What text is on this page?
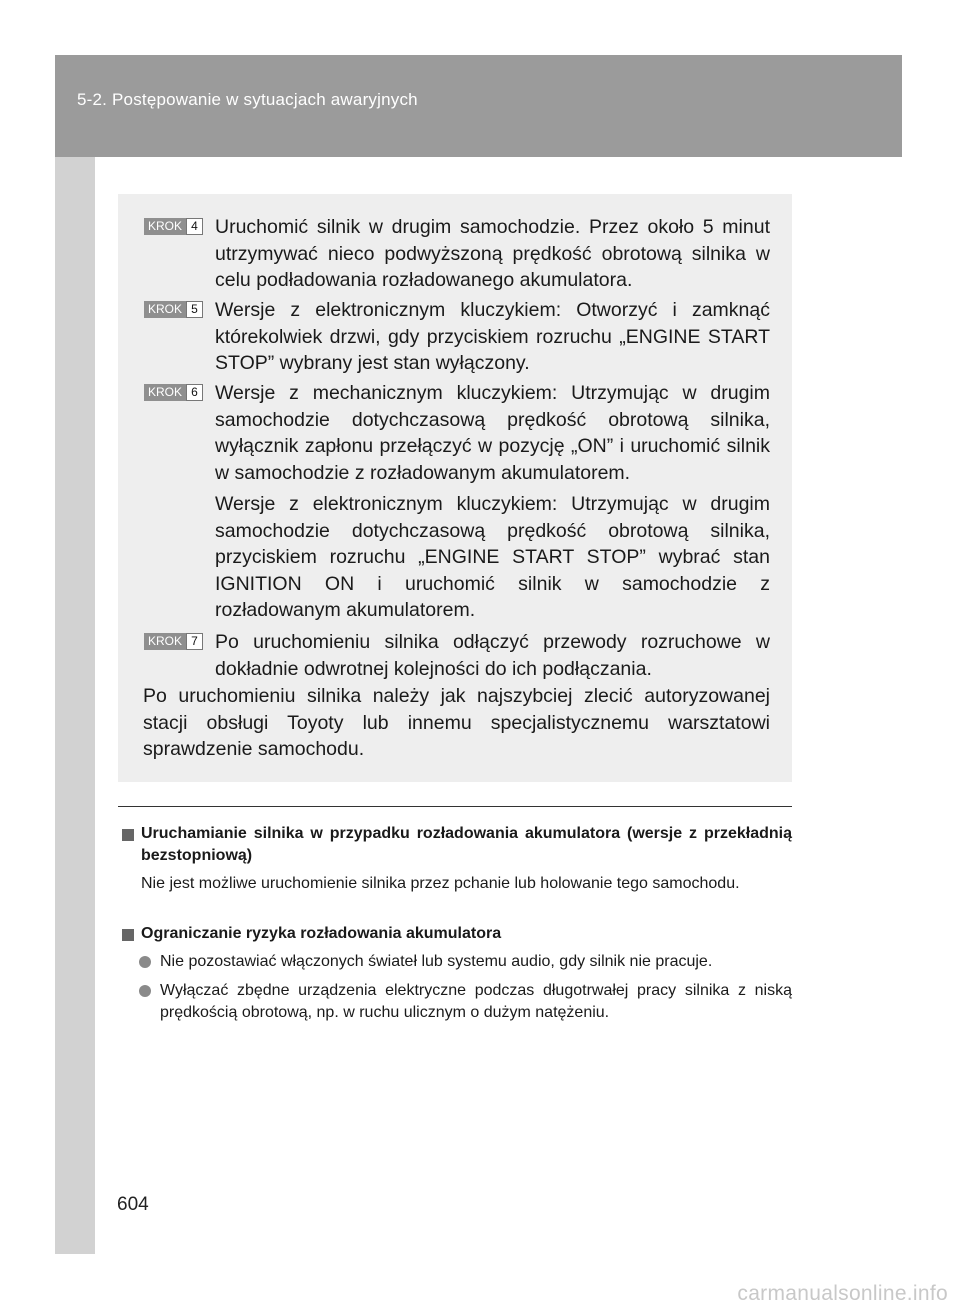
5-2. Postępowanie w sytuacjach awaryjnych
KROK 4 Uruchomić silnik w drugim samochodzie. Przez około 5 minut utrzymywać nieco podwyższoną prędkość obrotową silnika w celu podładowania rozładowanego akumulatora.

KROK 5 Wersje z elektronicznym kluczykiem: Otworzyć i zamknąć którekolwiek drzwi, gdy przyciskiem rozruchu „ENGINE START STOP” wybrany jest stan wyłączony.

KROK 6 Wersje z mechanicznym kluczykiem: Utrzymując w drugim samochodzie dotychczasową prędkość obrotową silnika, wyłącznik zapłonu przełączyć w pozycję „ON” i uruchomić silnik w samochodzie z rozładowanym akumulatorem.

Wersje z elektronicznym kluczykiem: Utrzymując w drugim samochodzie dotychczasową prędkość obrotową silnika, przyciskiem rozruchu „ENGINE START STOP” wybrać stan IGNITION ON i uruchomić silnik w samochodzie z rozładowanym akumulatorem.

KROK 7 Po uruchomieniu silnika odłączyć przewody rozruchowe w dokładnie odwrotnej kolejności do ich podłączania.

Po uruchomieniu silnika należy jak najszybciej zlecić autoryzowanej stacji obsługi Toyoty lub innemu specjalistycznemu warsztatowi sprawdzenie samochodu.
Uruchamianie silnika w przypadku rozładowania akumulatora (wersje z przekładnią bezstopniową)
Nie jest możliwe uruchomienie silnika przez pchanie lub holowanie tego samochodu.
Ograniczanie ryzyka rozładowania akumulatora
Nie pozostawiać włączonych świateł lub systemu audio, gdy silnik nie pracuje.
Wyłączać zbędne urządzenia elektryczne podczas długotrwałej pracy silnika z niską prędkością obrotową, np. w ruchu ulicznym o dużym natężeniu.
604
carmanualsonline.info
